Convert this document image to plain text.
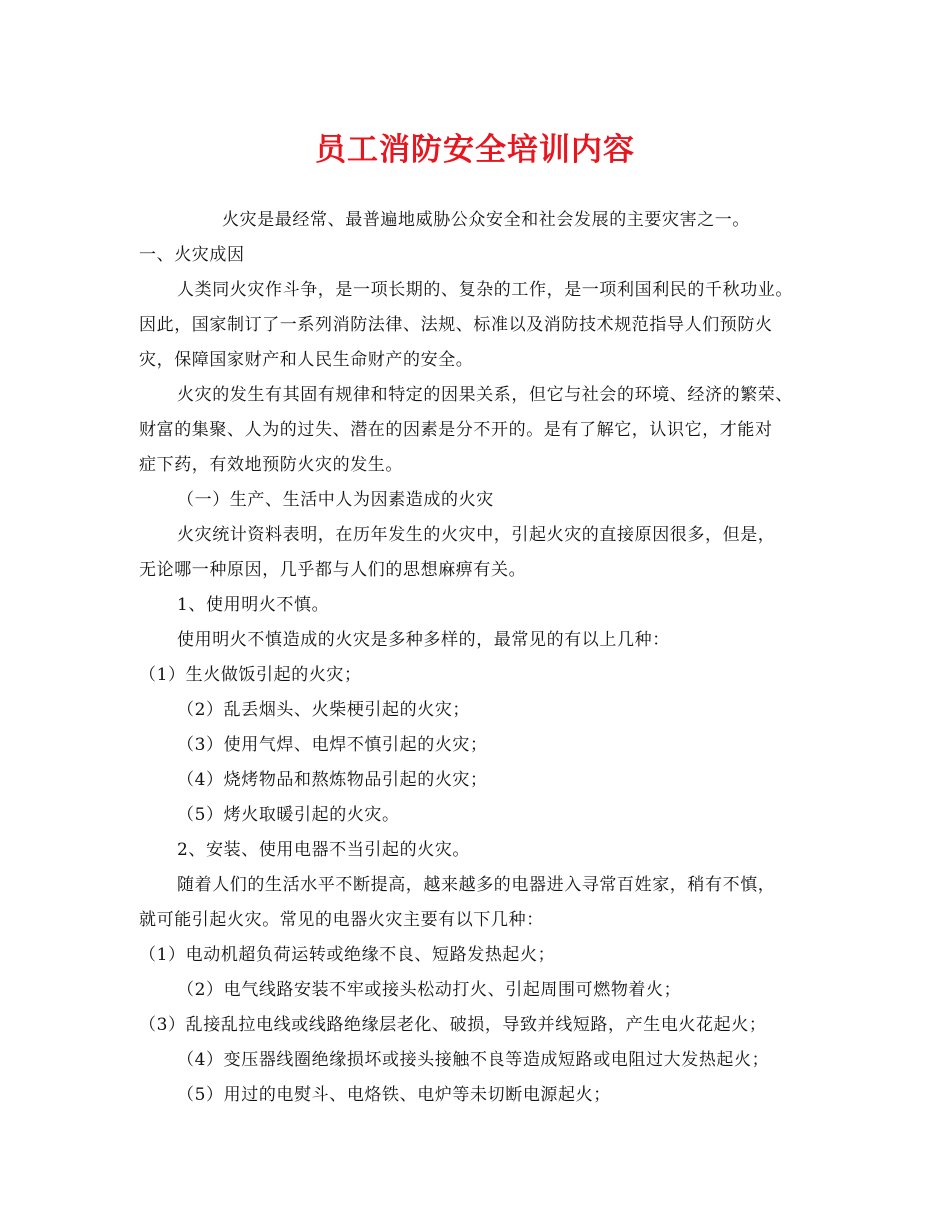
员工消防安全培训内容
火灾是最经常、最普遍地威胁公众安全和社会发展的主要灾害之一。
一、火灾成因
人类同火灾作斗争，是一项长期的、复杂的工作，是一项利国利民的千秋功业。
因此，国家制订了一系列消防法律、法规、标准以及消防技术规范指导人们预防火
灾，保障国家财产和人民生命财产的安全。
火灾的发生有其固有规律和特定的因果关系，但它与社会的环境、经济的繁荣、
财富的集聚、人为的过失、潜在的因素是分不开的。是有了解它，认识它，才能对
症下药，有效地预防火灾的发生。
（一）生产、生活中人为因素造成的火灾
火灾统计资料表明，在历年发生的火灾中，引起火灾的直接原因很多，但是，
无论哪一种原因，几乎都与人们的思想麻痹有关。
1、使用明火不慎。
使用明火不慎造成的火灾是多种多样的，最常见的有以上几种：
（1）生火做饭引起的火灾；
（2）乱丢烟头、火柴梗引起的火灾；
（3）使用气焊、电焊不慎引起的火灾；
（4）烧烤物品和熬炼物品引起的火灾；
（5）烤火取暖引起的火灾。
2、安装、使用电器不当引起的火灾。
随着人们的生活水平不断提高，越来越多的电器进入寻常百姓家，稍有不慎，
就可能引起火灾。常见的电器火灾主要有以下几种：
（1）电动机超负荷运转或绝缘不良、短路发热起火；
（2）电气线路安装不牢或接头松动打火、引起周围可燃物着火；
（3）乱接乱拉电线或线路绝缘层老化、破损，导致并线短路，产生电火花起火；
（4）变压器线圈绝缘损坏或接头接触不良等造成短路或电阻过大发热起火；
（5）用过的电熨斗、电烙铁、电炉等未切断电源起火；
